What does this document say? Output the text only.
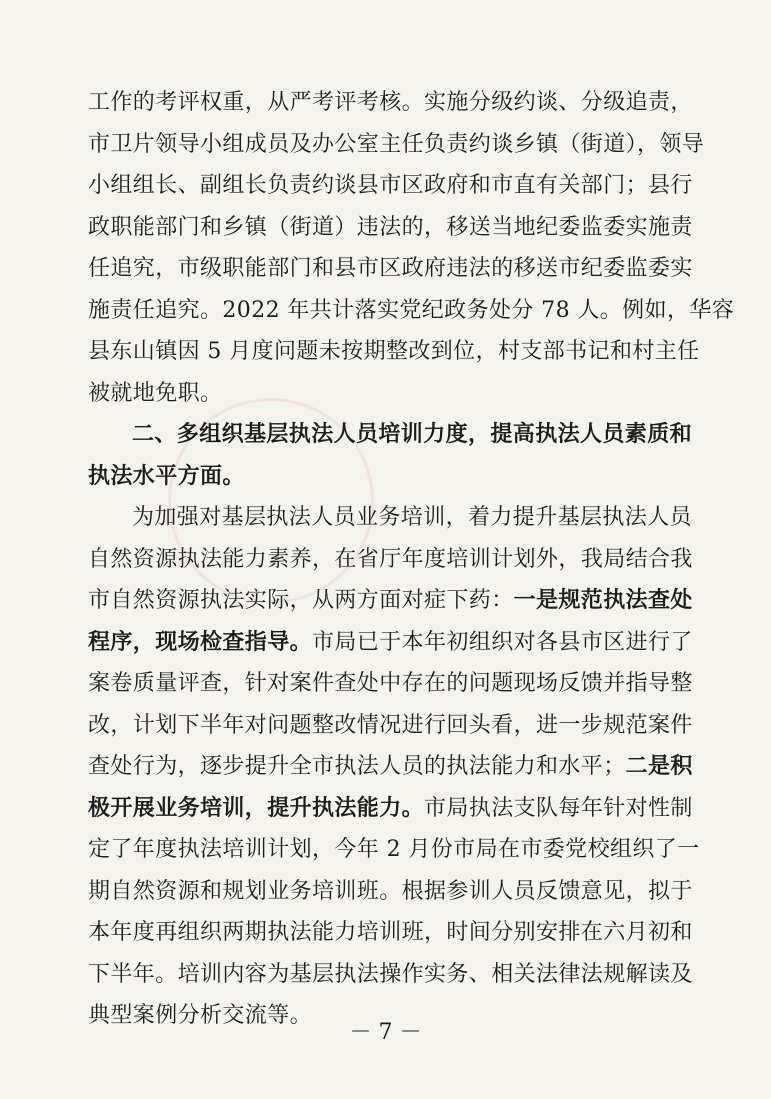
工作的考评权重，从严考评考核。实施分级约谈、分级追责，
市卫片领导小组成员及办公室主任负责约谈乡镇（街道），领导
小组组长、副组长负责约谈县市区政府和市直有关部门；县行
政职能部门和乡镇（街道）违法的，移送当地纪委监委实施责
任追究，市级职能部门和县市区政府违法的移送市纪委监委实
施责任追究。2022 年共计落实党纪政务处分 78 人。例如，华容
县东山镇因 5 月度问题未按期整改到位，村支部书记和村主任
被就地免职。
二、多组织基层执法人员培训力度，提高执法人员素质和
执法水平方面。
为加强对基层执法人员业务培训，着力提升基层执法人员
自然资源执法能力素养，在省厅年度培训计划外，我局结合我
市自然资源执法实际，从两方面对症下药：一是规范执法查处
程序，现场检查指导。市局已于本年初组织对各县市区进行了
案卷质量评查，针对案件查处中存在的问题现场反馈并指导整
改，计划下半年对问题整改情况进行回头看，进一步规范案件
查处行为，逐步提升全市执法人员的执法能力和水平；二是积
极开展业务培训，提升执法能力。市局执法支队每年针对性制
定了年度执法培训计划，今年 2 月份市局在市委党校组织了一
期自然资源和规划业务培训班。根据参训人员反馈意见，拟于
本年度再组织两期执法能力培训班，时间分别安排在六月初和
下半年。培训内容为基层执法操作实务、相关法律法规解读及
典型案例分析交流等。
－ 7 －
